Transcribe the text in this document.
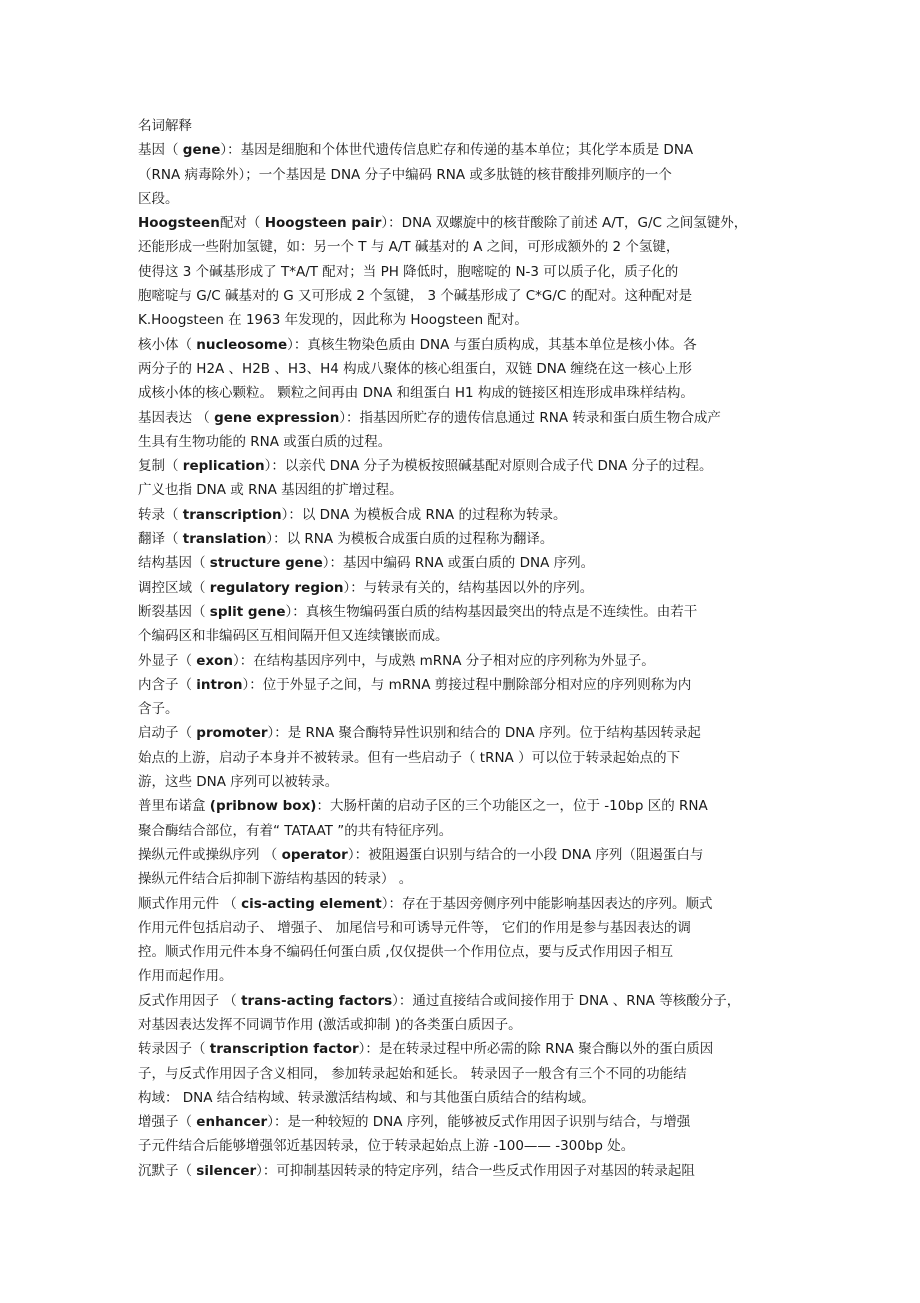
名词解释
基因（ gene）：基因是细胞和个体世代遗传信息贮存和传递的基本单位；其化学本质是 DNA
（RNA 病毒除外）；一个基因是 DNA 分子中编码 RNA 或多肽链的核苷酸排列顺序的一个
区段。
Hoogsteen配对（ Hoogsteen pair）：DNA 双螺旋中的核苷酸除了前述 A/T，G/C 之间氢键外，
还能形成一些附加氢键，如：另一个 T 与 A/T 碱基对的 A 之间，可形成额外的 2 个氢键，
使得这 3 个碱基形成了 T*A/T 配对；当 PH 降低时，胞嘧啶的 N-3 可以质子化，质子化的
胞嘧啶与 G/C 碱基对的 G 又可形成 2 个氢键， 3 个碱基形成了 C*G/C 的配对。这种配对是
K.Hoogsteen 在 1963 年发现的，因此称为 Hoogsteen 配对。
核小体（ nucleosome）：真核生物染色质由 DNA 与蛋白质构成，其基本单位是核小体。各
两分子的 H2A 、H2B 、H3、H4 构成八聚体的核心组蛋白，双链 DNA 缠绕在这一核心上形
成核小体的核心颗粒。 颗粒之间再由 DNA 和组蛋白 H1 构成的链接区相连形成串珠样结构。
基因表达 （ gene expression）：指基因所贮存的遗传信息通过 RNA 转录和蛋白质生物合成产
生具有生物功能的 RNA 或蛋白质的过程。
复制（ replication）：以亲代 DNA 分子为模板按照碱基配对原则合成子代 DNA 分子的过程。
广义也指 DNA 或 RNA 基因组的扩增过程。
转录（ transcription）：以 DNA 为模板合成 RNA 的过程称为转录。
翻译（ translation）：以 RNA 为模板合成蛋白质的过程称为翻译。
结构基因（ structure gene）：基因中编码 RNA 或蛋白质的 DNA 序列。
调控区域（ regulatory region）：与转录有关的，结构基因以外的序列。
断裂基因（ split gene）：真核生物编码蛋白质的结构基因最突出的特点是不连续性。由若干
个编码区和非编码区互相间隔开但又连续镶嵌而成。
外显子（ exon）：在结构基因序列中，与成熟 mRNA 分子相对应的序列称为外显子。
内含子（ intron）：位于外显子之间，与 mRNA 剪接过程中删除部分相对应的序列则称为内
含子。
启动子（ promoter）：是 RNA 聚合酶特异性识别和结合的 DNA 序列。位于结构基因转录起
始点的上游，启动子本身并不被转录。但有一些启动子（ tRNA ）可以位于转录起始点的下
游，这些 DNA 序列可以被转录。
普里布诺盒 (pribnow box)：大肠杆菌的启动子区的三个功能区之一，位于 -10bp 区的 RNA
聚合酶结合部位，有着“ TATAAT ”的共有特征序列。
操纵元件或操纵序列 （ operator）：被阻遏蛋白识别与结合的一小段 DNA 序列（阻遏蛋白与
操纵元件结合后抑制下游结构基因的转录） 。
顺式作用元件 （ cis-acting element）：存在于基因旁侧序列中能影响基因表达的序列。顺式
作用元件包括启动子、 增强子、 加尾信号和可诱导元件等， 它们的作用是参与基因表达的调
控。顺式作用元件本身不编码任何蛋白质 ,仅仅提供一个作用位点，要与反式作用因子相互
作用而起作用。
反式作用因子 （ trans-acting factors）：通过直接结合或间接作用于 DNA 、RNA 等核酸分子，
对基因表达发挥不同调节作用 (激活或抑制 )的各类蛋白质因子。
转录因子（ transcription factor）：是在转录过程中所必需的除 RNA 聚合酶以外的蛋白质因
子，与反式作用因子含义相同， 参加转录起始和延长。 转录因子一般含有三个不同的功能结
构域： DNA 结合结构域、转录激活结构域、和与其他蛋白质结合的结构域。
增强子（ enhancer）：是一种较短的 DNA 序列，能够被反式作用因子识别与结合，与增强
子元件结合后能够增强邻近基因转录，位于转录起始点上游 -100—— -300bp 处。
沉默子（ silencer）：可抑制基因转录的特定序列，结合一些反式作用因子对基因的转录起阻
